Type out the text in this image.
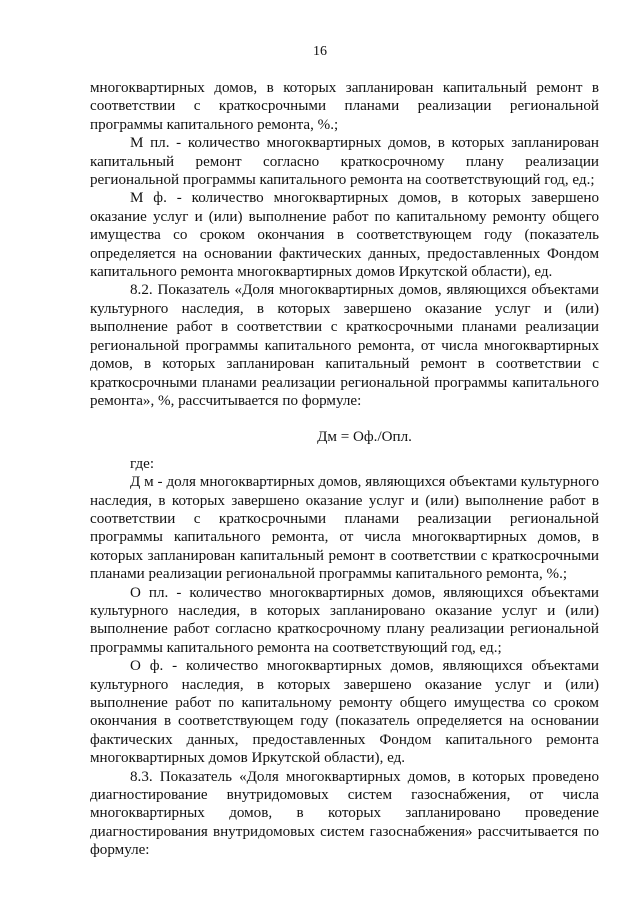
16

многоквартирных домов, в которых запланирован капитальный ремонт в соответствии с краткосрочными планами реализации региональной программы капитального ремонта, %.;

М пл. - количество многоквартирных домов, в которых запланирован капитальный ремонт согласно краткосрочному плану реализации региональной программы капитального ремонта на соответствующий год, ед.;

М ф. - количество многоквартирных домов, в которых завершено оказание услуг и (или) выполнение работ по капитальному ремонту общего имущества со сроком окончания в соответствующем году (показатель определяется на основании фактических данных, предоставленных Фондом капитального ремонта многоквартирных домов Иркутской области), ед.

8.2. Показатель «Доля многоквартирных домов, являющихся объектами культурного наследия, в которых завершено оказание услуг и (или) выполнение работ в соответствии с краткосрочными планами реализации региональной программы капитального ремонта, от числа многоквартирных домов, в которых запланирован капитальный ремонт в соответствии с краткосрочными планами реализации региональной программы капитального ремонта», %, рассчитывается по формуле:

Дм = Оф./Опл.

где:

Д м - доля многоквартирных домов, являющихся объектами культурного наследия, в которых завершено оказание услуг и (или) выполнение работ в соответствии с краткосрочными планами реализации региональной программы капитального ремонта, от числа многоквартирных домов, в которых запланирован капитальный ремонт в соответствии с краткосрочными планами реализации региональной программы капитального ремонта, %.;

О пл. - количество многоквартирных домов, являющихся объектами культурного наследия, в которых запланировано оказание услуг и (или) выполнение работ согласно краткосрочному плану реализации региональной программы капитального ремонта на соответствующий год, ед.;

О ф. - количество многоквартирных домов, являющихся объектами культурного наследия, в которых завершено оказание услуг и (или) выполнение работ по капитальному ремонту общего имущества со сроком окончания в соответствующем году (показатель определяется на основании фактических данных, предоставленных Фондом капитального ремонта многоквартирных домов Иркутской области), ед.

8.3. Показатель «Доля многоквартирных домов, в которых проведено диагностирование внутридомовых систем газоснабжения, от числа многоквартирных домов, в которых запланировано проведение диагностирования внутридомовых систем газоснабжения» рассчитывается по формуле:
